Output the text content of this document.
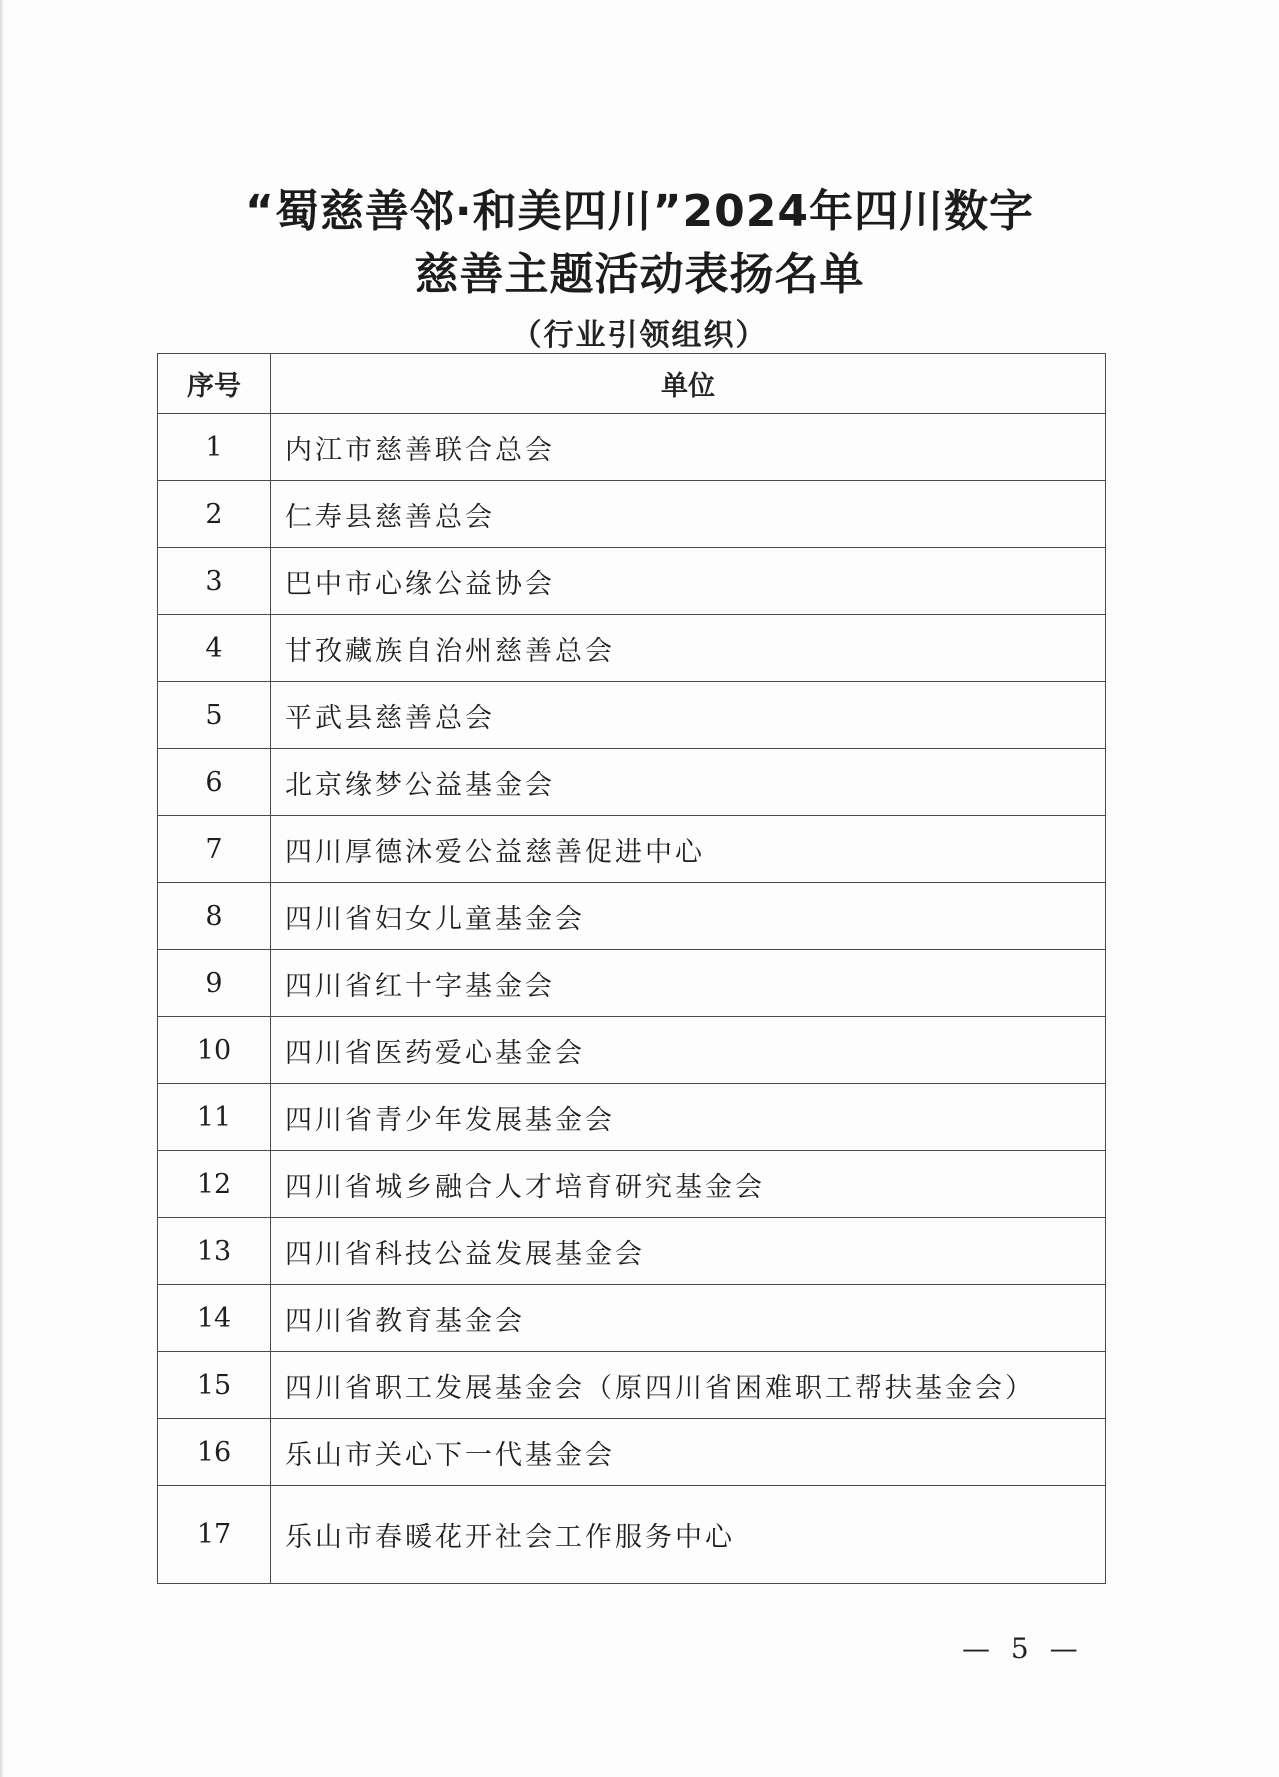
“蜀慈善邻·和美四川”2024年四川数字
慈善主题活动表扬名单
（行业引领组织）
序号	单位
1	内江市慈善联合总会
2	仁寿县慈善总会
3	巴中市心缘公益协会
4	甘孜藏族自治州慈善总会
5	平武县慈善总会
6	北京缘梦公益基金会
7	四川厚德沐爱公益慈善促进中心
8	四川省妇女儿童基金会
9	四川省红十字基金会
10	四川省医药爱心基金会
11	四川省青少年发展基金会
12	四川省城乡融合人才培育研究基金会
13	四川省科技公益发展基金会
14	四川省教育基金会
15	四川省职工发展基金会（原四川省困难职工帮扶基金会）
16	乐山市关心下一代基金会
17	乐山市春暖花开社会工作服务中心
— 5 —
